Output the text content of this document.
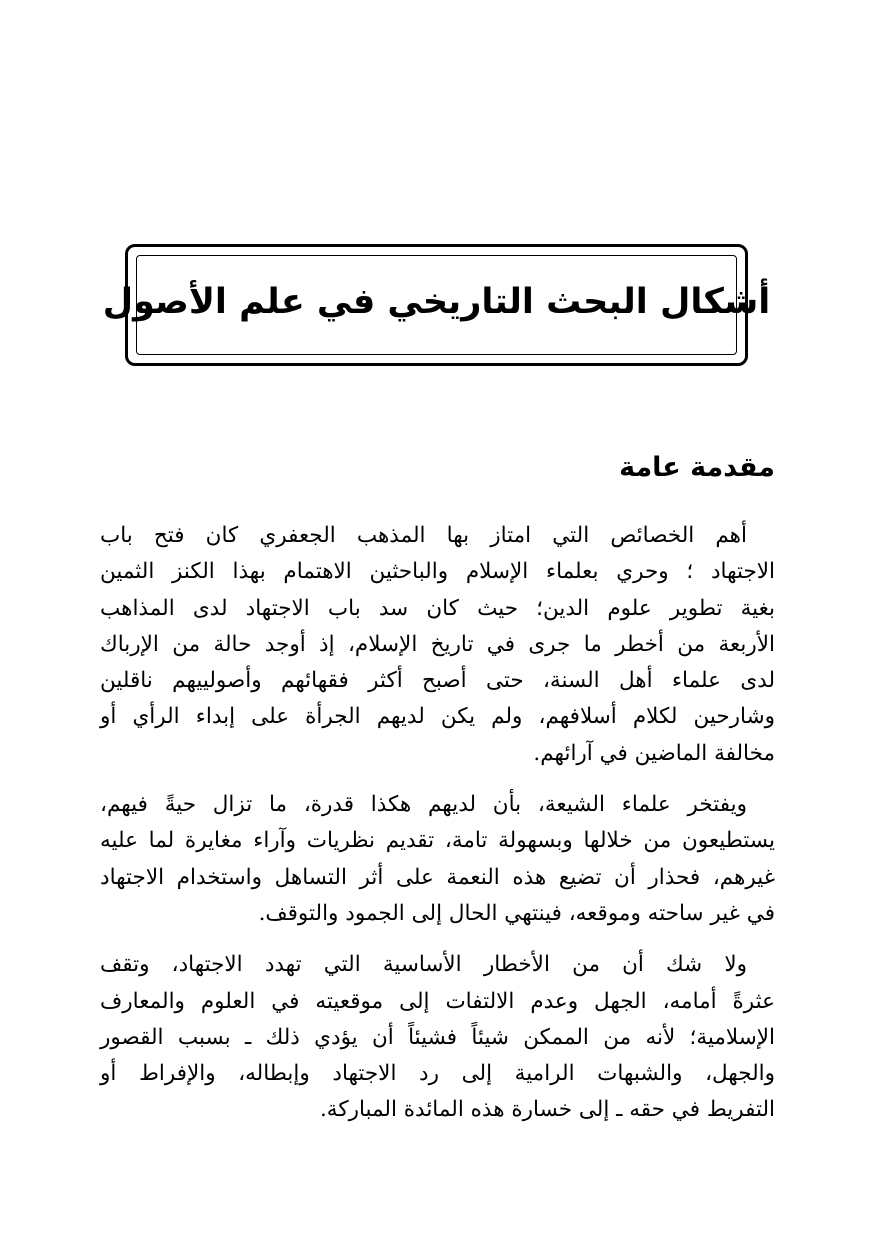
أشكال البحث التاريخي في علم الأصول
مقدمة عامة

أهم الخصائص التي امتاز بها المذهب الجعفري كان فتح باب
الاجتهاد ؛ وحري بعلماء الإسلام والباحثين الاهتمام بهذا الكنز الثمين
بغية تطوير علوم الدين؛ حيث كان سد باب الاجتهاد لدى المذاهب
الأربعة من أخطر ما جرى في تاريخ الإسلام، إذ أوجد حالة من الإرباك
لدى علماء أهل السنة، حتى أصبح أكثر فقهائهم وأصولييهم ناقلين
وشارحين لكلام أسلافهم، ولم يكن لديهم الجرأة على إبداء الرأي أو
مخالفة الماضين في آرائهم.

ويفتخر علماء الشيعة، بأن لديهم هكذا قدرة، ما تزال حيةً فيهم،
يستطيعون من خلالها وبسهولة تامة، تقديم نظريات وآراء مغايرة لما عليه
غيرهم، فحذار أن تضيع هذه النعمة على أثر التساهل واستخدام الاجتهاد
في غير ساحته وموقعه، فينتهي الحال إلى الجمود والتوقف.

ولا شك أن من الأخطار الأساسية التي تهدد الاجتهاد، وتقف
عثرةً أمامه، الجهل وعدم الالتفات إلى موقعيته في العلوم والمعارف
الإسلامية؛ لأنه من الممكن شيئاً فشيئاً أن يؤدي ذلك ـ بسبب القصور
والجهل، والشبهات الرامية إلى رد الاجتهاد وإبطاله، والإفراط أو
التفريط في حقه ـ إلى خسارة هذه المائدة المباركة.
